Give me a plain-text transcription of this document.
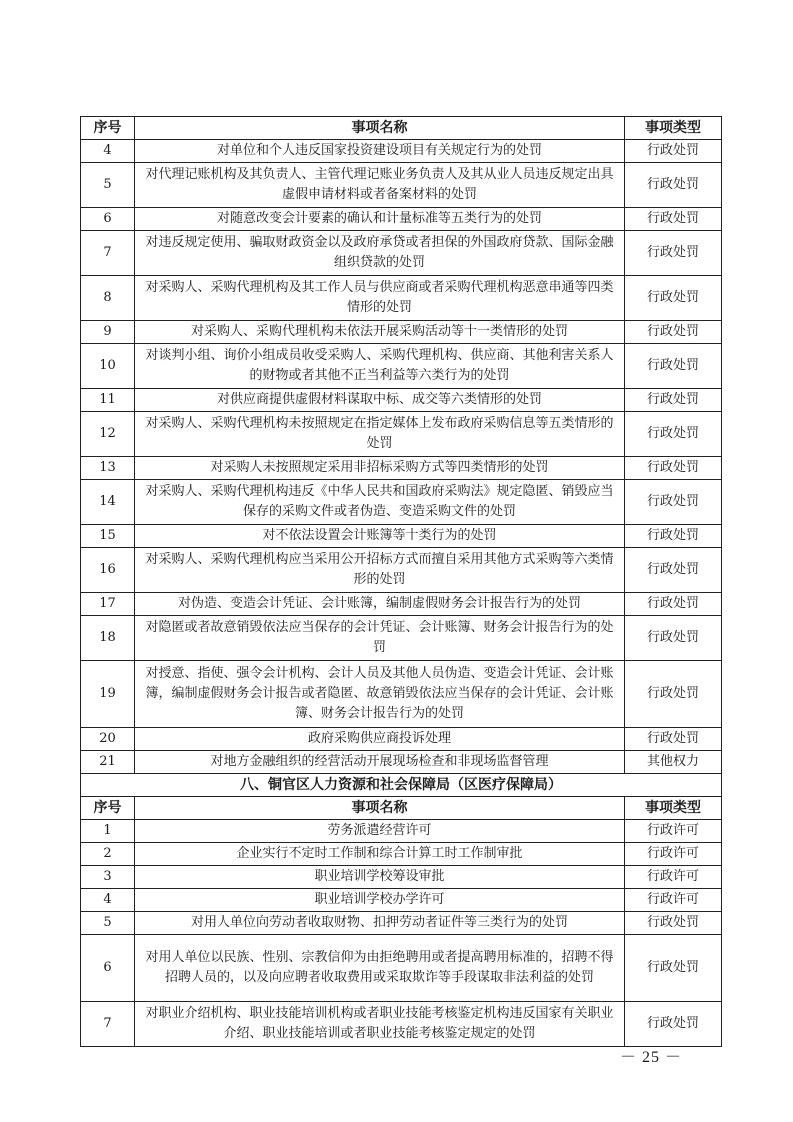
序号	事项名称	事项类型
4	对单位和个人违反国家投资建设项目有关规定行为的处罚	行政处罚
5	对代理记账机构及其负责人、主管代理记账业务负责人及其从业人员违反规定出具虚假申请材料或者备案材料的处罚	行政处罚
6	对随意改变会计要素的确认和计量标准等五类行为的处罚	行政处罚
7	对违反规定使用、骗取财政资金以及政府承贷或者担保的外国政府贷款、国际金融组织贷款的处罚	行政处罚
8	对采购人、采购代理机构及其工作人员与供应商或者采购代理机构恶意串通等四类情形的处罚	行政处罚
9	对采购人、采购代理机构未依法开展采购活动等十一类情形的处罚	行政处罚
10	对谈判小组、询价小组成员收受采购人、采购代理机构、供应商、其他利害关系人的财物或者其他不正当利益等六类行为的处罚	行政处罚
11	对供应商提供虚假材料谋取中标、成交等六类情形的处罚	行政处罚
12	对采购人、采购代理机构未按照规定在指定媒体上发布政府采购信息等五类情形的处罚	行政处罚
13	对采购人未按照规定采用非招标采购方式等四类情形的处罚	行政处罚
14	对采购人、采购代理机构违反《中华人民共和国政府采购法》规定隐匿、销毁应当保存的采购文件或者伪造、变造采购文件的处罚	行政处罚
15	对不依法设置会计账簿等十类行为的处罚	行政处罚
16	对采购人、采购代理机构应当采用公开招标方式而擅自采用其他方式采购等六类情形的处罚	行政处罚
17	对伪造、变造会计凭证、会计账簿，编制虚假财务会计报告行为的处罚	行政处罚
18	对隐匿或者故意销毁依法应当保存的会计凭证、会计账簿、财务会计报告行为的处罚	行政处罚
19	对授意、指使、强令会计机构、会计人员及其他人员伪造、变造会计凭证、会计账簿，编制虚假财务会计报告或者隐匿、故意销毁依法应当保存的会计凭证、会计账簿、财务会计报告行为的处罚	行政处罚
20	政府采购供应商投诉处理	行政处罚
21	对地方金融组织的经营活动开展现场检查和非现场监督管理	其他权力
八、铜官区人力资源和社会保障局（区医疗保障局）		
序号	事项名称	事项类型
1	劳务派遣经营许可	行政许可
2	企业实行不定时工作制和综合计算工时工作制审批	行政许可
3	职业培训学校筹设审批	行政许可
4	职业培训学校办学许可	行政许可
5	对用人单位向劳动者收取财物、扣押劳动者证件等三类行为的处罚	行政处罚
6	对用人单位以民族、性别、宗教信仰为由拒绝聘用或者提高聘用标准的，招聘不得招聘人员的，以及向应聘者收取费用或采取欺诈等手段谋取非法利益的处罚	行政处罚
7	对职业介绍机构、职业技能培训机构或者职业技能考核鉴定机构违反国家有关职业介绍、职业技能培训或者职业技能考核鉴定规定的处罚	行政处罚
－ 25 －
